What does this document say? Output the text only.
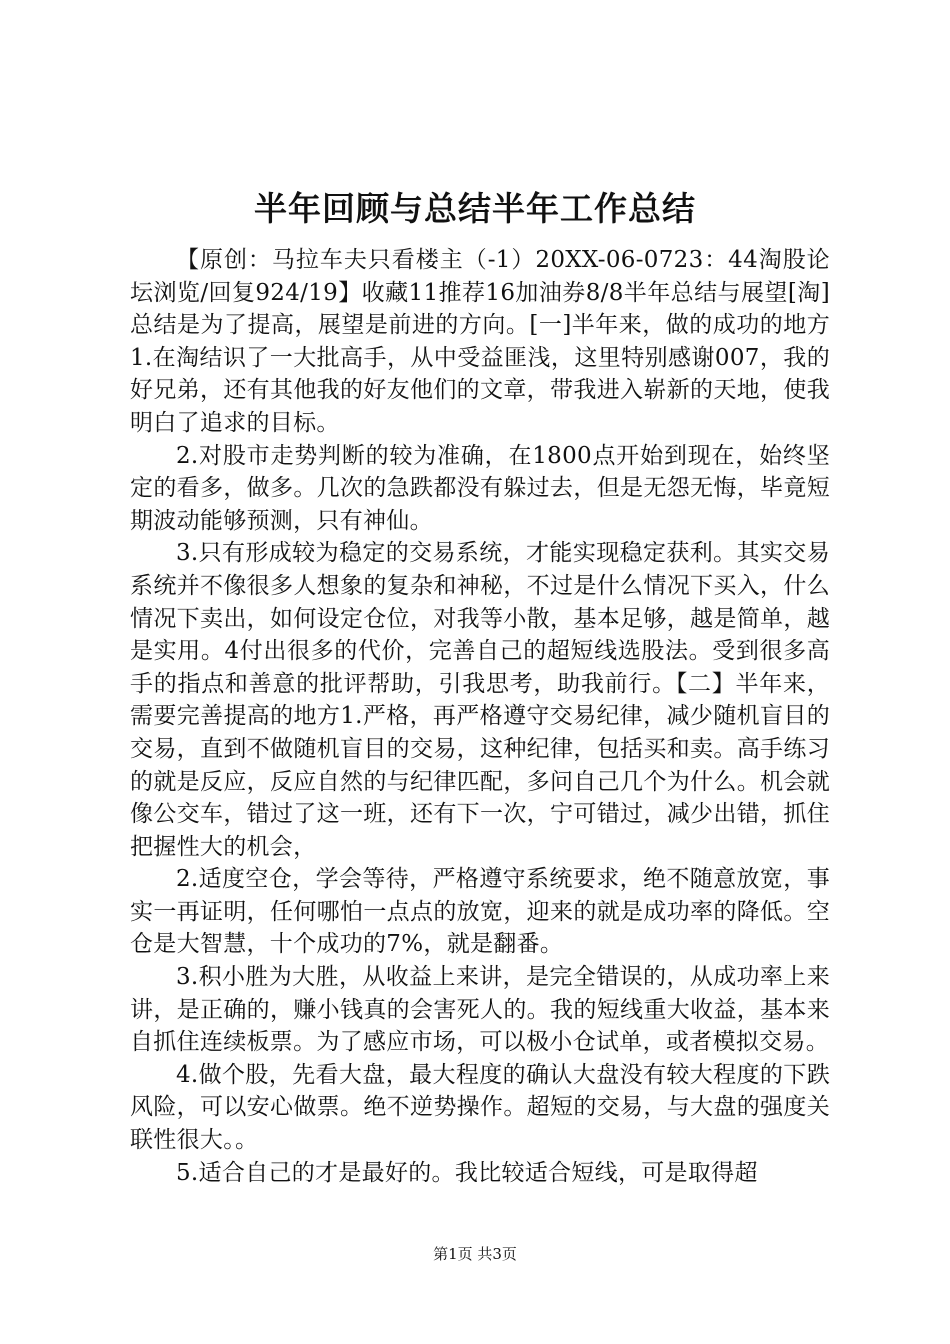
半年回顾与总结半年工作总结

【原创：马拉车夫只看楼主（-1）20XX-06-0723：44淘股论坛浏览/回复924/19】收藏11推荐16加油券8/8半年总结与展望[淘]总结是为了提高，展望是前进的方向。[一]半年来，做的成功的地方1.在淘结识了一大批高手，从中受益匪浅，这里特别感谢007，我的好兄弟，还有其他我的好友他们的文章，带我进入崭新的天地，使我明白了追求的目标。

2.对股市走势判断的较为准确，在1800点开始到现在，始终坚定的看多，做多。几次的急跌都没有躲过去，但是无怨无悔，毕竟短期波动能够预测，只有神仙。

3.只有形成较为稳定的交易系统，才能实现稳定获利。其实交易系统并不像很多人想象的复杂和神秘，不过是什么情况下买入，什么情况下卖出，如何设定仓位，对我等小散，基本足够，越是简单，越是实用。4付出很多的代价，完善自己的超短线选股法。受到很多高手的指点和善意的批评帮助，引我思考，助我前行。【二】半年来，需要完善提高的地方1.严格，再严格遵守交易纪律，减少随机盲目的交易，直到不做随机盲目的交易，这种纪律，包括买和卖。高手练习的就是反应，反应自然的与纪律匹配，多问自己几个为什么。机会就像公交车，错过了这一班，还有下一次，宁可错过，减少出错，抓住把握性大的机会，

2.适度空仓，学会等待，严格遵守系统要求，绝不随意放宽，事实一再证明，任何哪怕一点点的放宽，迎来的就是成功率的降低。空仓是大智慧，十个成功的7%，就是翻番。

3.积小胜为大胜，从收益上来讲，是完全错误的，从成功率上来讲，是正确的，赚小钱真的会害死人的。我的短线重大收益，基本来自抓住连续板票。为了感应市场，可以极小仓试单，或者模拟交易。

4.做个股，先看大盘，最大程度的确认大盘没有较大程度的下跌风险，可以安心做票。绝不逆势操作。超短的交易，与大盘的强度关联性很大。。

5.适合自己的才是最好的。我比较适合短线，可是取得超

第1页 共3页
